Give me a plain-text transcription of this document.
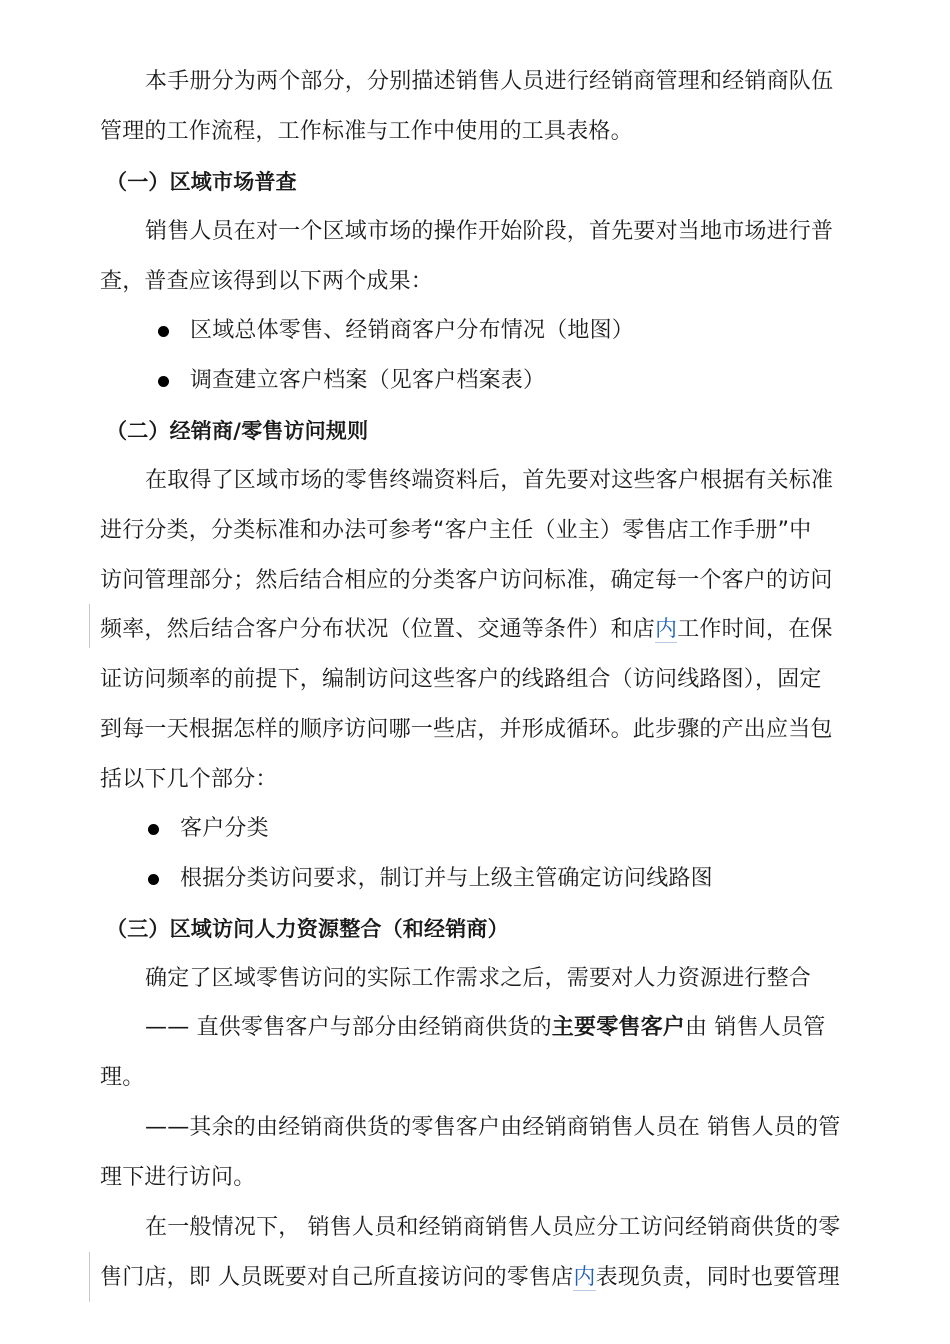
本手册分为两个部分，分别描述销售人员进行经销商管理和经销商队伍
管理的工作流程，工作标准与工作中使用的工具表格。
（一）区域市场普查
销售人员在对一个区域市场的操作开始阶段，首先要对当地市场进行普
查，普查应该得到以下两个成果：
区域总体零售、经销商客户分布情况（地图）
调查建立客户档案（见客户档案表）
（二）经销商/零售访问规则
在取得了区域市场的零售终端资料后，首先要对这些客户根据有关标准
进行分类，分类标准和办法可参考“客户主任（业主）零售店工作手册”中
访问管理部分；然后结合相应的分类客户访问标准，确定每一个客户的访问
频率，然后结合客户分布状况（位置、交通等条件）和店内工作时间，在保
证访问频率的前提下，编制访问这些客户的线路组合（访问线路图），固定
到每一天根据怎样的顺序访问哪一些店，并形成循环。此步骤的产出应当包
括以下几个部分：
客户分类
根据分类访问要求，制订并与上级主管确定访问线路图
（三）区域访问人力资源整合（和经销商）
确定了区域零售访问的实际工作需求之后，需要对人力资源进行整合
—— 直供零售客户与部分由经销商供货的主要零售客户由 销售人员管
理。
——其余的由经销商供货的零售客户由经销商销售人员在 销售人员的管
理下进行访问。
在一般情况下， 销售人员和经销商销售人员应分工访问经销商供货的零
售门店，即 人员既要对自己所直接访问的零售店内表现负责，同时也要管理
